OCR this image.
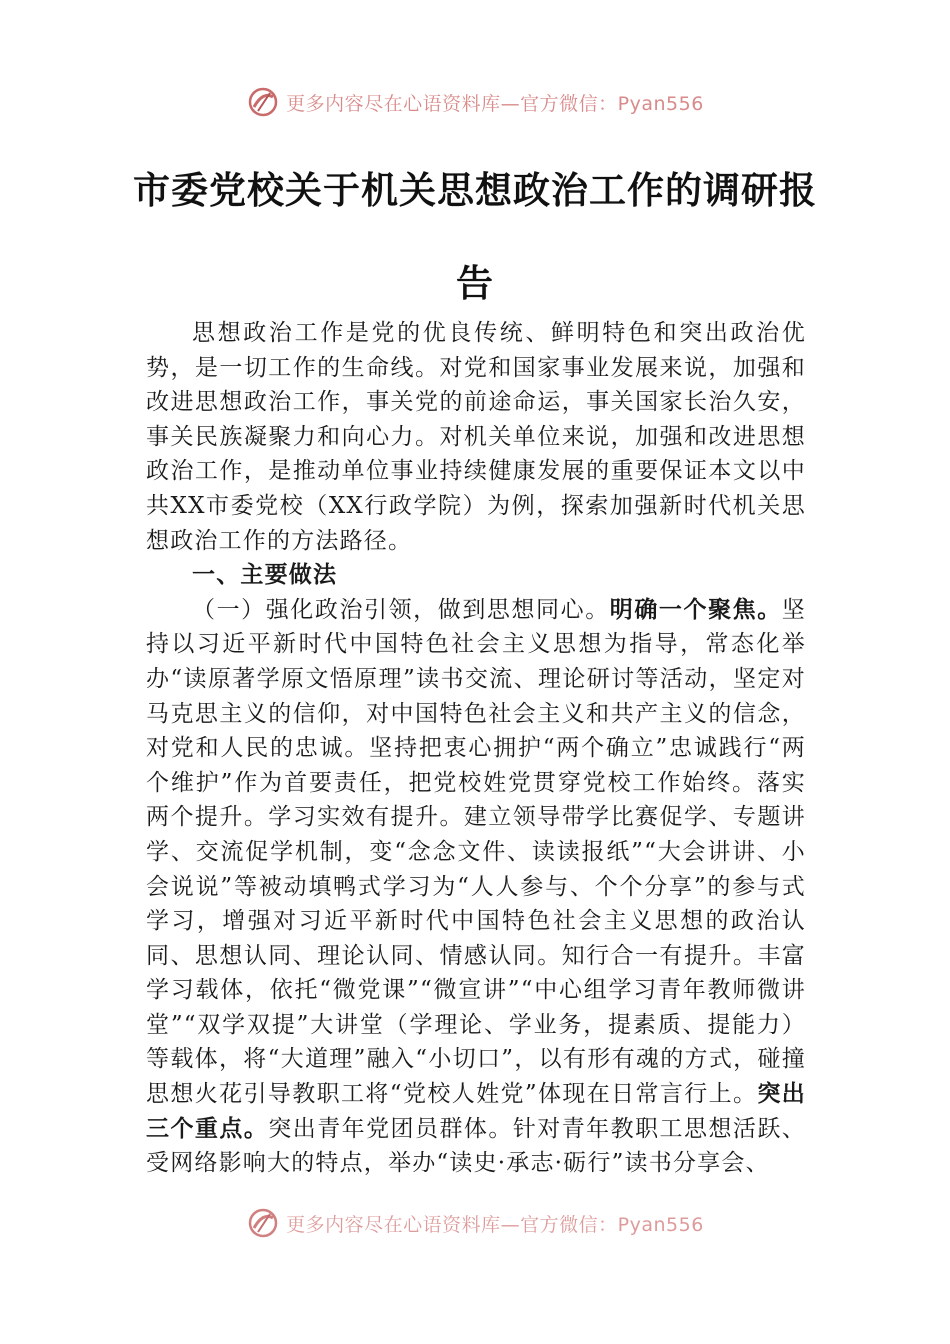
更多内容尽在心语资料库—官方微信：Pyan556
市委党校关于机关思想政治工作的调研报
告

思想政治工作是党的优良传统、鲜明特色和突出政治优势，是一切工作的生命线。对党和国家事业发展来说，加强和改进思想政治工作，事关党的前途命运，事关国家长治久安，事关民族凝聚力和向心力。对机关单位来说，加强和改进思想政治工作，是推动单位事业持续健康发展的重要保证本文以中共XX市委党校（XX行政学院）为例，探索加强新时代机关思想政治工作的方法路径。

一、主要做法

（一）强化政治引领，做到思想同心。明确一个聚焦。坚持以习近平新时代中国特色社会主义思想为指导，常态化举办“读原著学原文悟原理”读书交流、理论研讨等活动，坚定对马克思主义的信仰，对中国特色社会主义和共产主义的信念，对党和人民的忠诚。坚持把衷心拥护“两个确立”忠诚践行“两个维护”作为首要责任，把党校姓党贯穿党校工作始终。落实两个提升。学习实效有提升。建立领导带学比赛促学、专题讲学、交流促学机制，变“念念文件、读读报纸”“大会讲讲、小会说说”等被动填鸭式学习为“人人参与、个个分享”的参与式学习，增强对习近平新时代中国特色社会主义思想的政治认同、思想认同、理论认同、情感认同。知行合一有提升。丰富学习载体，依托“微党课”“微宣讲”“中心组学习青年教师微讲堂”“双学双提”大讲堂（学理论、学业务，提素质、提能力）等载体，将“大道理”融入“小切口”，以有形有魂的方式，碰撞思想火花引导教职工将“党校人姓党”体现在日常言行上。突出三个重点。突出青年党团员群体。针对青年教职工思想活跃、受网络影响大的特点，举办“读史·承志·砺行”读书分享会、

更多内容尽在心语资料库—官方微信：Pyan556
